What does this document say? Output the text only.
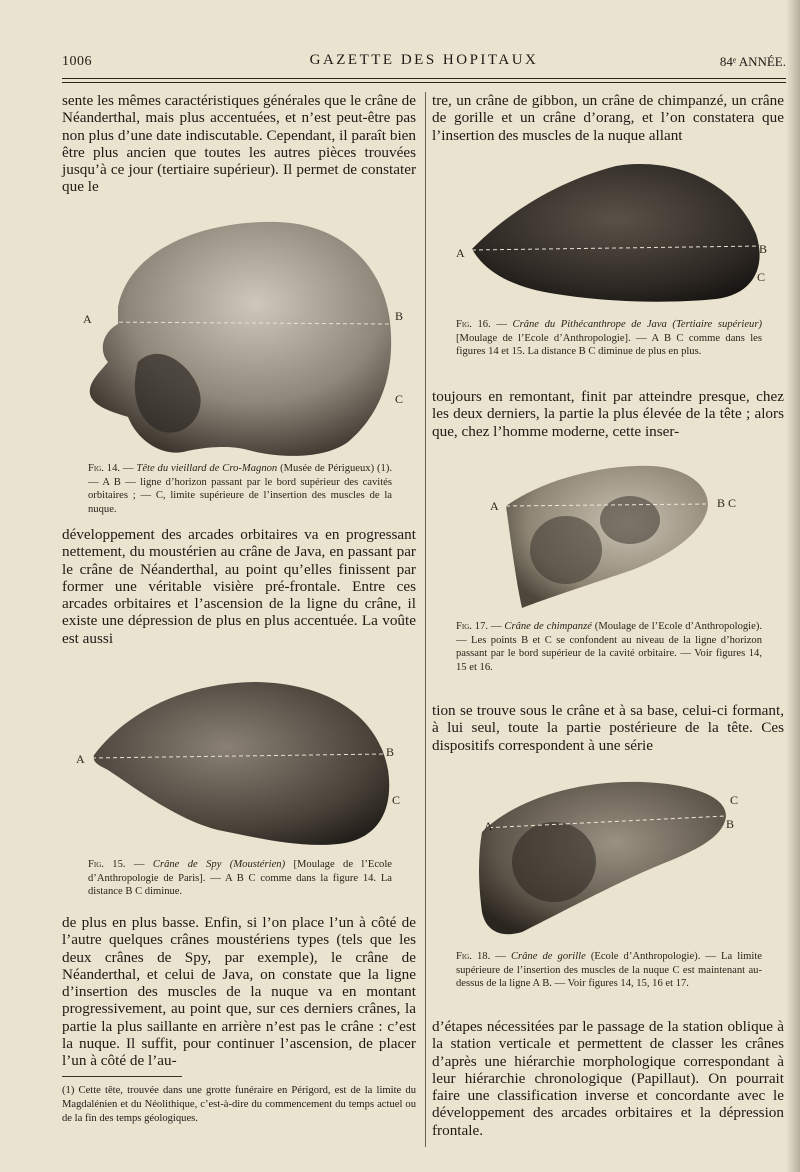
1006	GAZETTE DES HOPITAUX	84ᵉ ANNÉE.

sente les mêmes caractéristiques générales que le crâne de Néanderthal, mais plus accentuées, et n’est peut-être pas non plus d’une date indiscutable. Cependant, il paraît bien être plus ancien que toutes les autres pièces trouvées jusqu’à ce jour (tertiaire supérieur). Il permet de constater que le

A	B
C

Fig. 14. — Tête du vieillard de Cro-Magnon (Musée de Périgueux) (1). — A B — ligne d’horizon passant par le bord supérieur des cavités orbitaires ; — C, limite supérieure de l’insertion des muscles de la nuque.

développement des arcades orbitaires va en progressant nettement, du moustérien au crâne de Java, en passant par le crâne de Néanderthal, au point qu’elles finissent par former une véritable visière pré-frontale. Entre ces arcades orbitaires et l’ascension de la ligne du crâne, il existe une dépression de plus en plus accentuée. La voûte est aussi

A	B
C

Fig. 15. — Crâne de Spy (Moustérien) [Moulage de l’Ecole d’Anthropologie de Paris]. — A B C comme dans la figure 14. La distance B C diminue.

de plus en plus basse. Enfin, si l’on place l’un à côté de l’autre quelques crânes moustériens types (tels que les deux crânes de Spy, par exemple), le crâne de Néanderthal, et celui de Java, on constate que la ligne d’insertion des muscles de la nuque va en montant progressivement, au point que, sur ces derniers crânes, la partie la plus saillante en arrière n’est pas le crâne : c’est la nuque. Il suffit, pour continuer l’ascension, de placer l’un à côté de l’au-

(1) Cette tête, trouvée dans une grotte funéraire en Périgord, est de la limite du Magdalénien et du Néolithique, c’est-à-dire du commencement du temps actuel ou de la fin des temps géologiques.

tre, un crâne de gibbon, un crâne de chimpanzé, un crâne de gorille et un crâne d’orang, et l’on constatera que l’insertion des muscles de la nuque allant

A	B
C

Fig. 16. — Crâne du Pithécanthrope de Java (Tertiaire supérieur) [Moulage de l’Ecole d’Anthropologie]. — A B C comme dans les figures 14 et 15. La distance B C diminue de plus en plus.

toujours en remontant, finit par atteindre presque, chez les deux derniers, la partie la plus élevée de la tête ; alors que, chez l’homme moderne, cette inser-

A	B C

Fig. 17. — Crâne de chimpanzé (Moulage de l’Ecole d’Anthropologie). — Les points B et C se confondent au niveau de la ligne d’horizon passant par le bord supérieur de la cavité orbitaire. — Voir figures 14, 15 et 16.

tion se trouve sous le crâne et à sa base, celui-ci formant, à lui seul, toute la partie postérieure de la tête. Ces dispositifs correspondent à une série

A
C
B

Fig. 18. — Crâne de gorille (Ecole d’Anthropologie). — La limite supérieure de l’insertion des muscles de la nuque C est maintenant au-dessus de la ligne A B. — Voir figures 14, 15, 16 et 17.

d’étapes nécessitées par le passage de la station oblique à la station verticale et permettent de classer les crânes d’après une hiérarchie morphologique correspondant à leur hiérarchie chronologique (Papillaut). On pourrait faire une classification inverse et concordante avec le développement des arcades orbitaires et la dépression frontale.
